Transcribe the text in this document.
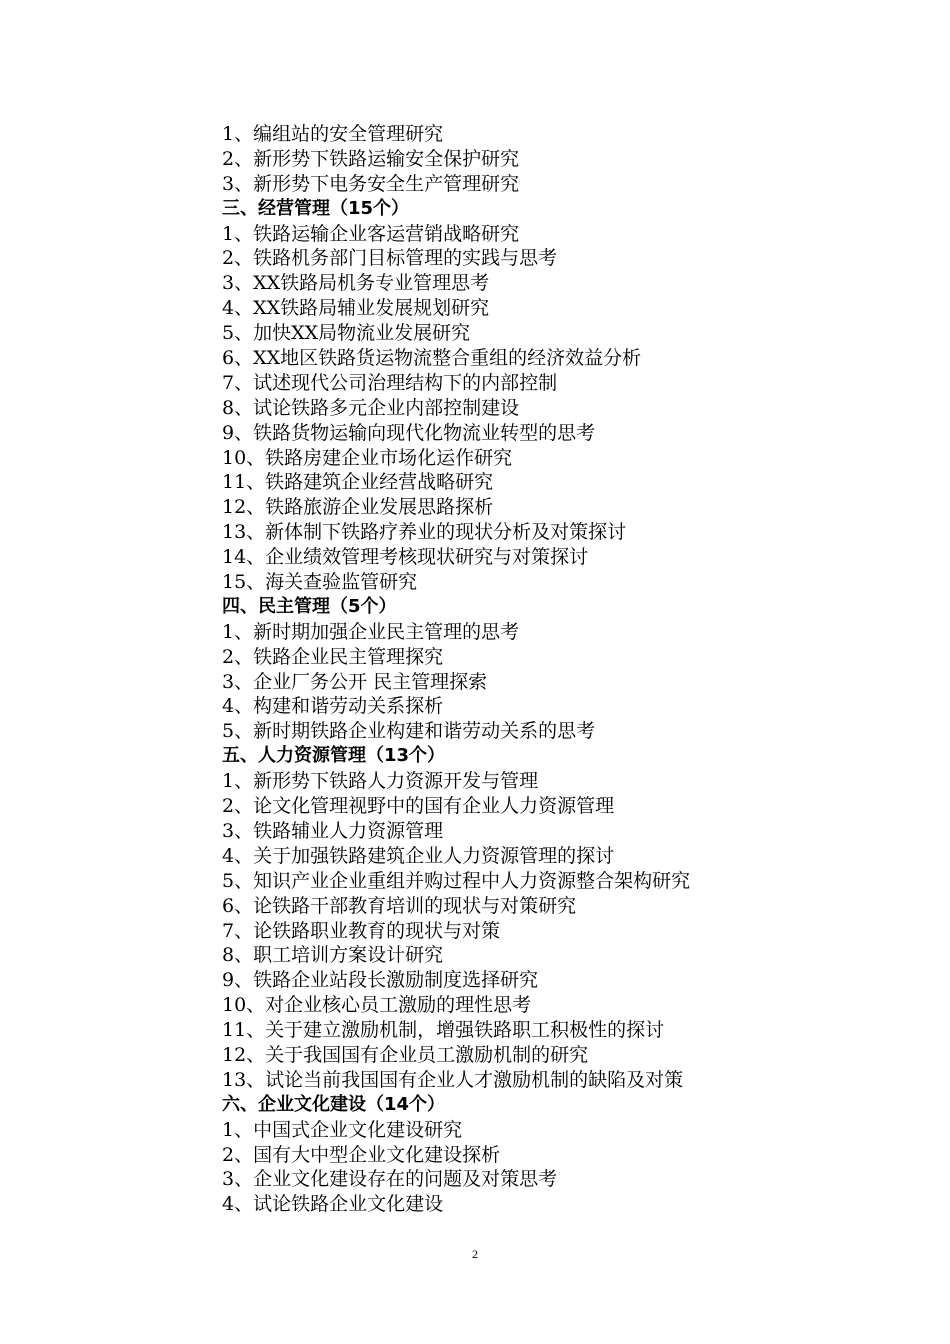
1、编组站的安全管理研究
2、新形势下铁路运输安全保护研究
3、新形势下电务安全生产管理研究
三、经营管理（15个）
1、铁路运输企业客运营销战略研究
2、铁路机务部门目标管理的实践与思考
3、XX铁路局机务专业管理思考
4、XX铁路局辅业发展规划研究
5、加快XX局物流业发展研究
6、XX地区铁路货运物流整合重组的经济效益分析
7、试述现代公司治理结构下的内部控制
8、试论铁路多元企业内部控制建设
9、铁路货物运输向现代化物流业转型的思考
10、铁路房建企业市场化运作研究
11、铁路建筑企业经营战略研究
12、铁路旅游企业发展思路探析
13、新体制下铁路疗养业的现状分析及对策探讨
14、企业绩效管理考核现状研究与对策探讨
15、海关查验监管研究
四、民主管理（5个）
1、新时期加强企业民主管理的思考
2、铁路企业民主管理探究
3、企业厂务公开 民主管理探索
4、构建和谐劳动关系探析
5、新时期铁路企业构建和谐劳动关系的思考
五、人力资源管理（13个）
1、新形势下铁路人力资源开发与管理
2、论文化管理视野中的国有企业人力资源管理
3、铁路辅业人力资源管理
4、关于加强铁路建筑企业人力资源管理的探讨
5、知识产业企业重组并购过程中人力资源整合架构研究
6、论铁路干部教育培训的现状与对策研究
7、论铁路职业教育的现状与对策
8、职工培训方案设计研究
9、铁路企业站段长激励制度选择研究
10、对企业核心员工激励的理性思考
11、关于建立激励机制，增强铁路职工积极性的探讨
12、关于我国国有企业员工激励机制的研究
13、试论当前我国国有企业人才激励机制的缺陷及对策
六、企业文化建设（14个）
1、中国式企业文化建设研究
2、国有大中型企业文化建设探析
3、企业文化建设存在的问题及对策思考
4、试论铁路企业文化建设
2
